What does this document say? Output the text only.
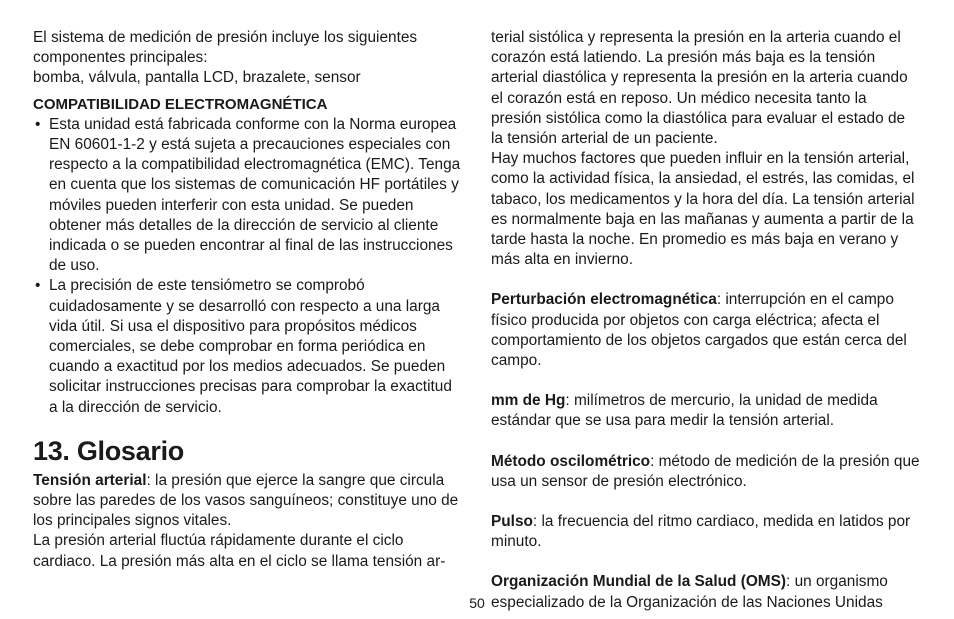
El sistema de medición de presión incluye los siguientes componentes principales:

bomba, válvula, pantalla LCD, brazalete, sensor

COMPATIBILIDAD ELECTROMAGNÉTICA

• Esta unidad está fabricada conforme con la Norma europea EN 60601-1-2 y está sujeta a precauciones especiales con respecto a la compatibilidad electromagnética (EMC). Tenga en cuenta que los sistemas de comunicación HF portátiles y móviles pueden interferir con esta unidad. Se pueden obtener más detalles de la dirección de servicio al cliente indicada o se pueden encontrar al final de las instrucciones de uso.
• La precisión de este tensiómetro se comprobó cuidadosamente y se desarrolló con respecto a una larga vida útil. Si usa el dispositivo para propósitos médicos comerciales, se debe comprobar en forma periódica en cuando a exactitud por los medios adecuados. Se pueden solicitar instrucciones precisas para comprobar la exactitud a la dirección de servicio.
13. Glosario

Tensión arterial: la presión que ejerce la sangre que circula sobre las paredes de los vasos sanguíneos; constituye uno de los principales signos vitales.

La presión arterial fluctúa rápidamente durante el ciclo cardiaco. La presión más alta en el ciclo se llama tensión ar-

terial sistólica y representa la presión en la arteria cuando el corazón está latiendo. La presión más baja es la tensión arterial diastólica y representa la presión en la arteria cuando el corazón está en reposo. Un médico necesita tanto la presión sistólica como la diastólica para evaluar el estado de la tensión arterial de un paciente.

Hay muchos factores que pueden influir en la tensión arterial, como la actividad física, la ansiedad, el estrés, las comidas, el tabaco, los medicamentos y la hora del día. La tensión arterial es normalmente baja en las mañanas y aumenta a partir de la tarde hasta la noche. En promedio es más baja en verano y más alta en invierno.

Perturbación electromagnética: interrupción en el campo físico producida por objetos con carga eléctrica; afecta el comportamiento de los objetos cargados que están cerca del campo.

mm de Hg: milímetros de mercurio, la unidad de medida estándar que se usa para medir la tensión arterial.

Método oscilométrico: método de medición de la presión que usa un sensor de presión electrónico.

Pulso: la frecuencia del ritmo cardiaco, medida en latidos por minuto.

Organización Mundial de la Salud (OMS): un organismo especializado de la Organización de las Naciones Unidas

50
